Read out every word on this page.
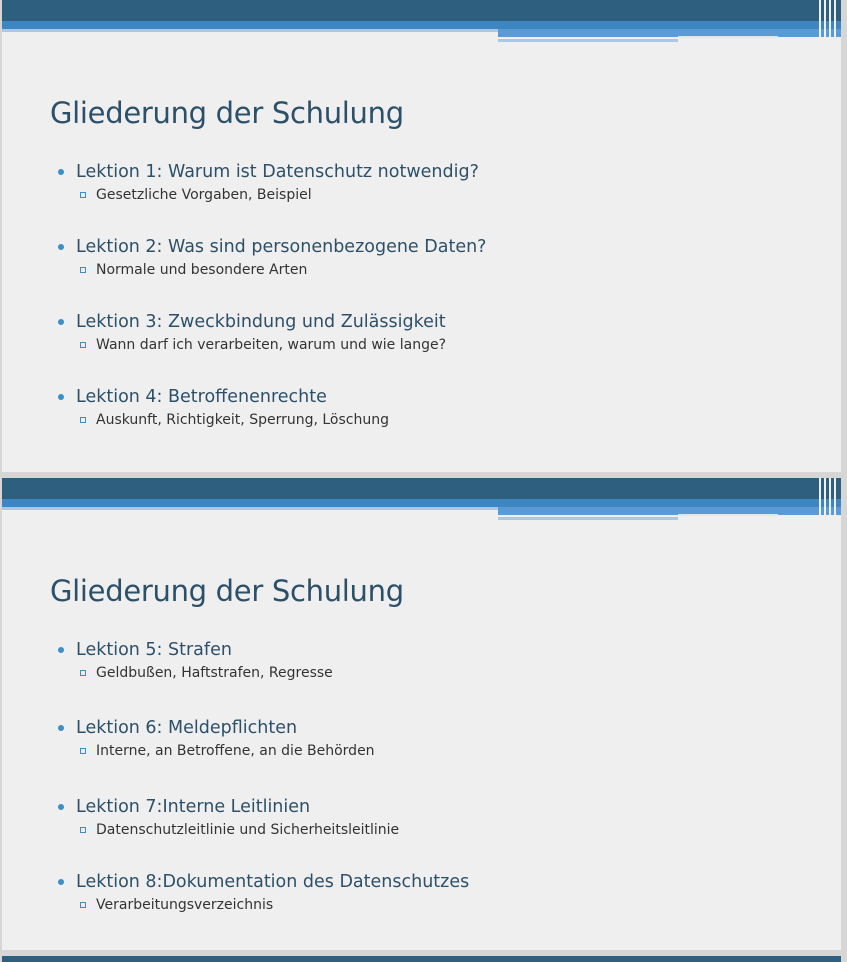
Gliederung der Schulung
Lektion 1: Warum ist Datenschutz notwendig?
Gesetzliche Vorgaben, Beispiel
Lektion 2: Was sind personenbezogene Daten?
Normale und besondere Arten
Lektion 3: Zweckbindung und Zulässigkeit
Wann darf ich verarbeiten, warum und wie lange?
Lektion 4: Betroffenenrechte
Auskunft, Richtigkeit, Sperrung, Löschung
Gliederung der Schulung
Lektion 5: Strafen
Geldbußen, Haftstrafen, Regresse
Lektion 6: Meldepflichten
Interne, an Betroffene, an die Behörden
Lektion 7:Interne Leitlinien
Datenschutzleitlinie und Sicherheitsleitlinie
Lektion 8:Dokumentation des Datenschutzes
Verarbeitungsverzeichnis
